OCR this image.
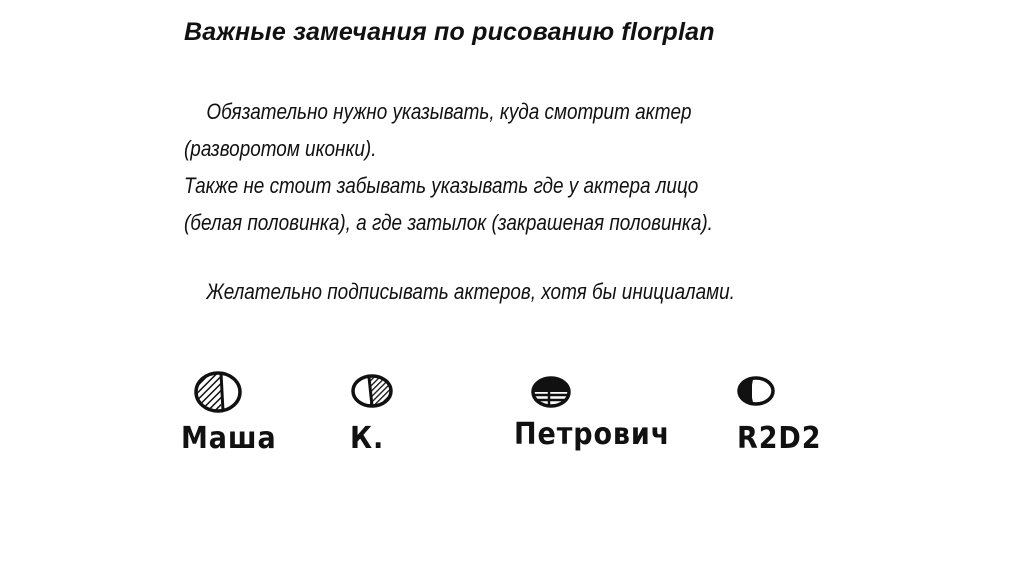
Важные замечания по рисованию florplan
Обязательно нужно указывать, куда смотрит актер
(разворотом иконки).
Также не стоит забывать указывать где у актера лицо
(белая половинка), а где затылок (закрашеная половинка).
Желательно подписывать актеров, хотя бы инициалами.
Маша К.	Петрович R2D2
